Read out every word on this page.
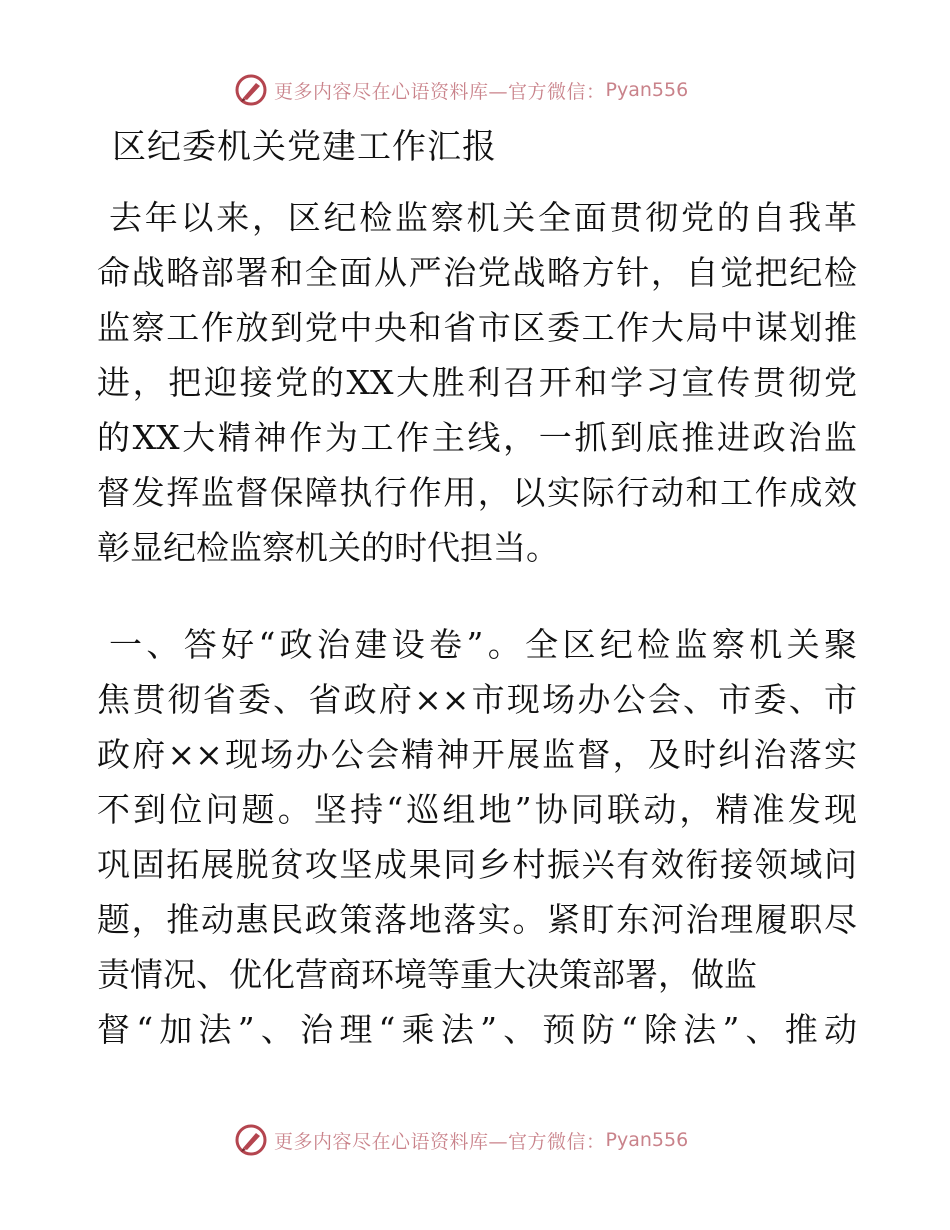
更多内容尽在心语资料库—官方微信： Pyan556
区纪委机关党建工作汇报
去年以来，区纪检监察机关全面贯彻党的自我革
命战略部署和全面从严治党战略方针，自觉把纪检
监察工作放到党中央和省市区委工作大局中谋划推
进，把迎接党的XX大胜利召开和学习宣传贯彻党
的XX大精神作为工作主线，一抓到底推进政治监
督发挥监督保障执行作用，以实际行动和工作成效
彰显纪检监察机关的时代担当。
一、答好“政治建设卷”。全区纪检监察机关聚
焦贯彻省委、省政府××市现场办公会、市委、市
政府××现场办公会精神开展监督，及时纠治落实
不到位问题。坚持“巡组地”协同联动，精准发现
巩固拓展脱贫攻坚成果同乡村振兴有效衔接领域问
题，推动惠民政策落地落实。紧盯东河治理履职尽
责情况、优化营商环境等重大决策部署，做监
督“加法”、治理“乘法”、预防“除法”、推动
更多内容尽在心语资料库—官方微信： Pyan556
